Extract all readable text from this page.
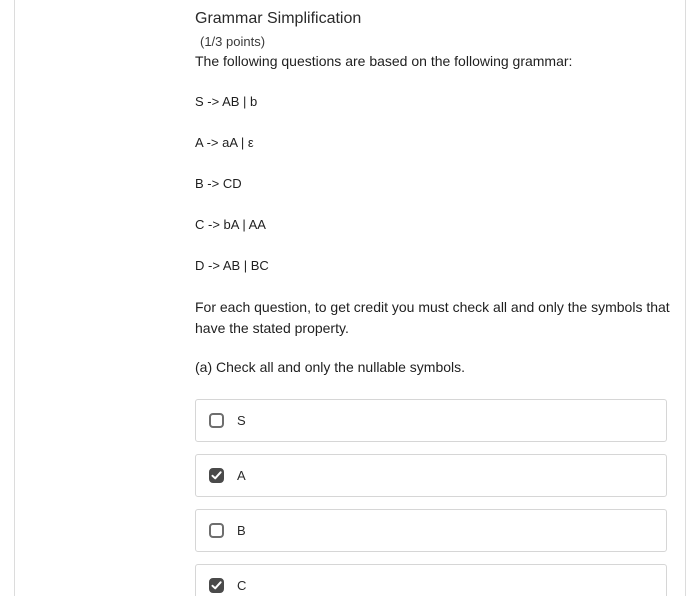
Grammar Simplification
(1/3 points)
The following questions are based on the following grammar:
S -> AB | b
A -> aA | ε
B -> CD
C -> bA | AA
D -> AB | BC
For each question, to get credit you must check all and only the symbols that have the stated property.
(a) Check all and only the nullable symbols.
S
A
B
C
